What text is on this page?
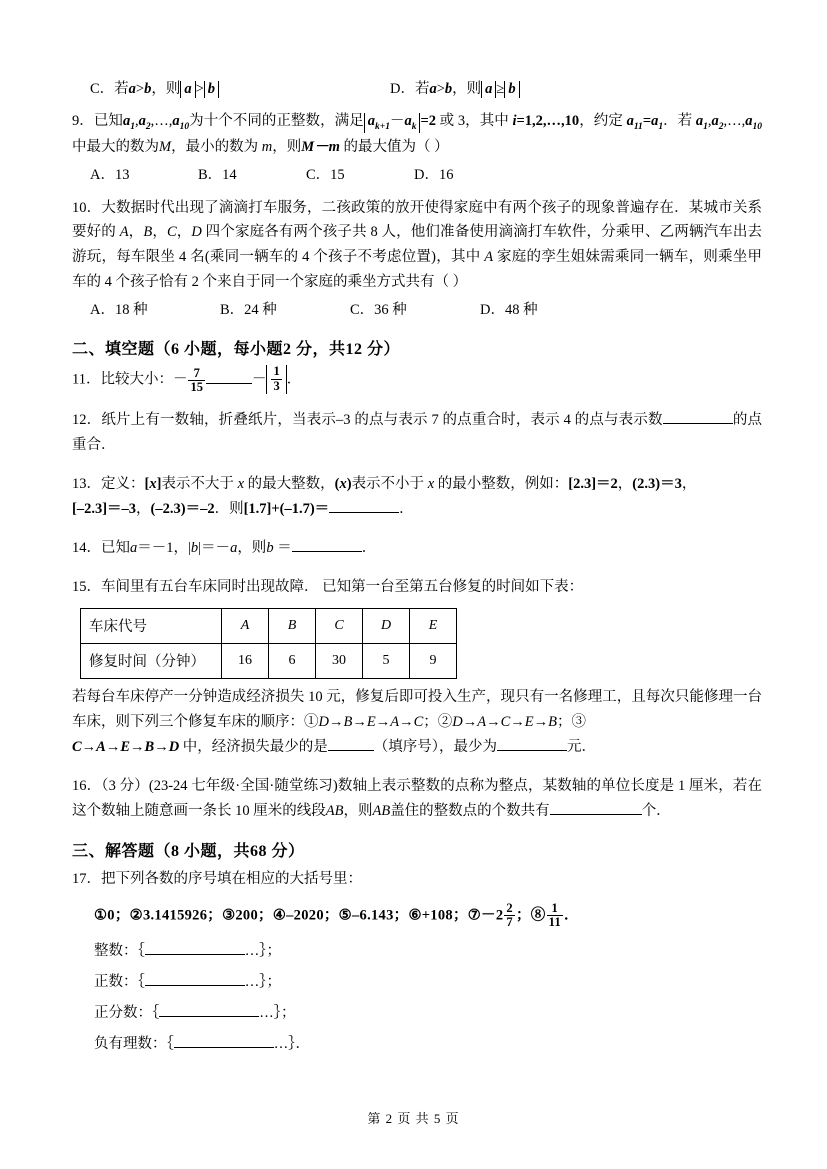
C．若a>b，则 a > b	D．若a>b，则 a ≥ b
9．已知$a_1,a_2,\dots,a_{10}$为十个不同的正整数，满足 $a_{k+1}-a_k =2$ 或 3，其中 i=1,2,…,10，约定 $a_{11}=a_1$．若 $a_1,a_2,\dots,a_{10}$中最大的数为M，最小的数为 m，则M－m 的最大值为（ ）
A．13	B．14	C．15	D．16
10．大数据时代出现了滴滴打车服务，二孩政策的放开使得家庭中有两个孩子的现象普遍存在．某城市关系要好的 A，B，C，D 四个家庭各有两个孩子共 8 人，他们准备使用滴滴打车软件，分乘甲、乙两辆汽车出去游玩，每车限坐 4 名(乘同一辆车的 4 个孩子不考虑位置)，其中 A 家庭的孪生姐妹需乘同一辆车，则乘坐甲车的 4 个孩子恰有 2 个来自于同一个家庭的乘坐方式共有（ ）
A．18 种	B．24 种	C．36 种	D．48 种
二、填空题（6 小题，每小题2 分，共12 分）
11．比较大小：－ $\frac{7}{15}$	－ $\frac{1}{3}$ ．
12．纸片上有一数轴，折叠纸片，当表示–3 的点与表示 7 的点重合时，表示 4 的点与表示数	的点重合．
13．定义：[x]表示不大于 x 的最大整数，(x)表示不小于 x 的最小整数，例如：[2.3]＝2，(2.3)＝3，
[–2.3]＝–3，(–2.3)＝–2．则[1.7]+(–1.7)＝	．
14．已知a＝－1，|b|＝－a，则b ＝	．
15．车间里有五台车床同时出现故障． 已知第一台至第五台修复的时间如下表：
车床代号	A	B	C	D	E
修复时间（分钟）	16	6	30	5	9
若每台车床停产一分钟造成经济损失 10 元，修复后即可投入生产，现只有一名修理工，且每次只能修理一台车床，则下列三个修复车床的顺序：①D→B→E→A→C；②D→A→C→E→B；③
C→A→E→B→D 中，经济损失最少的是	（填序号），最少为	元．
16．（3 分）(23-24 七年级·全国·随堂练习)数轴上表示整数的点称为整点，某数轴的单位长度是 1 厘米，若在这个数轴上随意画一条长 10 厘米的线段AB，则AB盖住的整数点的个数共有	个．
三、解答题（8 小题，共68 分）
17．把下列各数的序号填在相应的大括号里：
①0；②3.1415926；③200；④–2020；⑤–6.143；⑥+108；⑦－2 $\frac{2}{7}$ ；⑧ $\frac{1}{11}$ ．
整数：｛	…｝；
正数：｛	…｝；
正分数：｛	…｝；
负有理数：｛	…｝．
第 2 页 共 5 页
